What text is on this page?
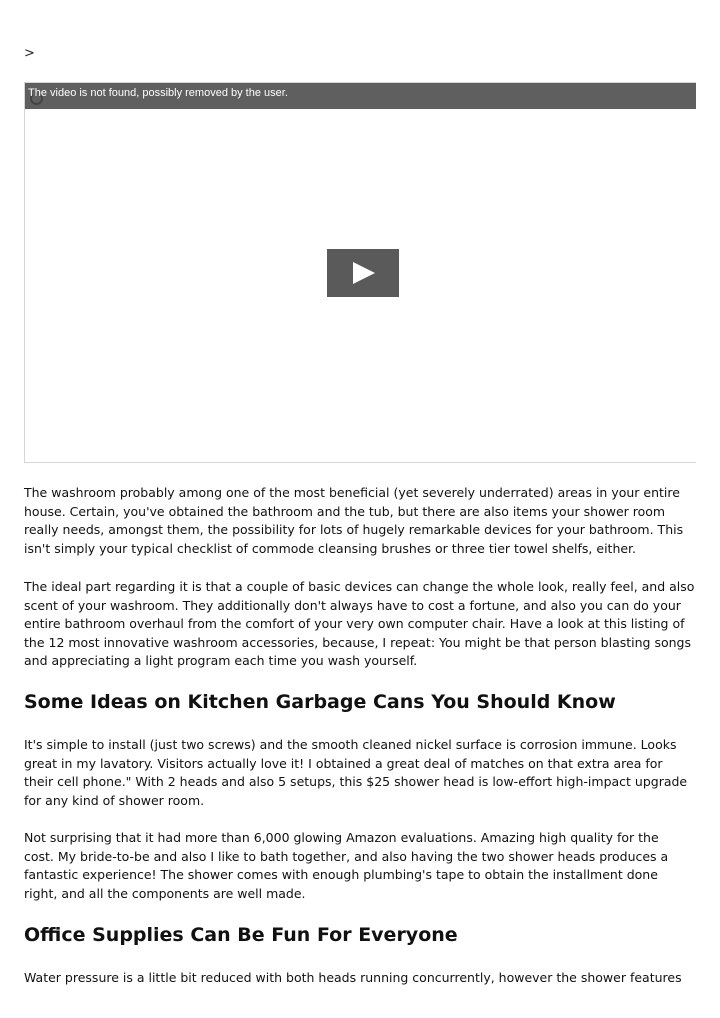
>
The video is not found, possibly removed by the user.

The washroom probably among one of the most beneficial (yet severely underrated) areas in your entire house. Certain, you've obtained the bathroom and the tub, but there are also items your shower room really needs, amongst them, the possibility for lots of hugely remarkable devices for your bathroom. This isn't simply your typical checklist of commode cleansing brushes or three tier towel shelfs, either.

The ideal part regarding it is that a couple of basic devices can change the whole look, really feel, and also scent of your washroom. They additionally don't always have to cost a fortune, and also you can do your entire bathroom overhaul from the comfort of your very own computer chair. Have a look at this listing of the 12 most innovative washroom accessories, because, I repeat: You might be that person blasting songs and appreciating a light program each time you wash yourself.

Some Ideas on Kitchen Garbage Cans You Should Know

It's simple to install (just two screws) and the smooth cleaned nickel surface is corrosion immune. Looks great in my lavatory. Visitors actually love it! I obtained a great deal of matches on that extra area for their cell phone." With 2 heads and also 5 setups, this $25 shower head is low-effort high-impact upgrade for any kind of shower room.

Not surprising that it had more than 6,000 glowing Amazon evaluations. Amazing high quality for the cost. My bride-to-be and also I like to bath together, and also having the two shower heads produces a fantastic experience! The shower comes with enough plumbing's tape to obtain the installment done right, and all the components are well made.

Office Supplies Can Be Fun For Everyone

Water pressure is a little bit reduced with both heads running concurrently, however the shower features
